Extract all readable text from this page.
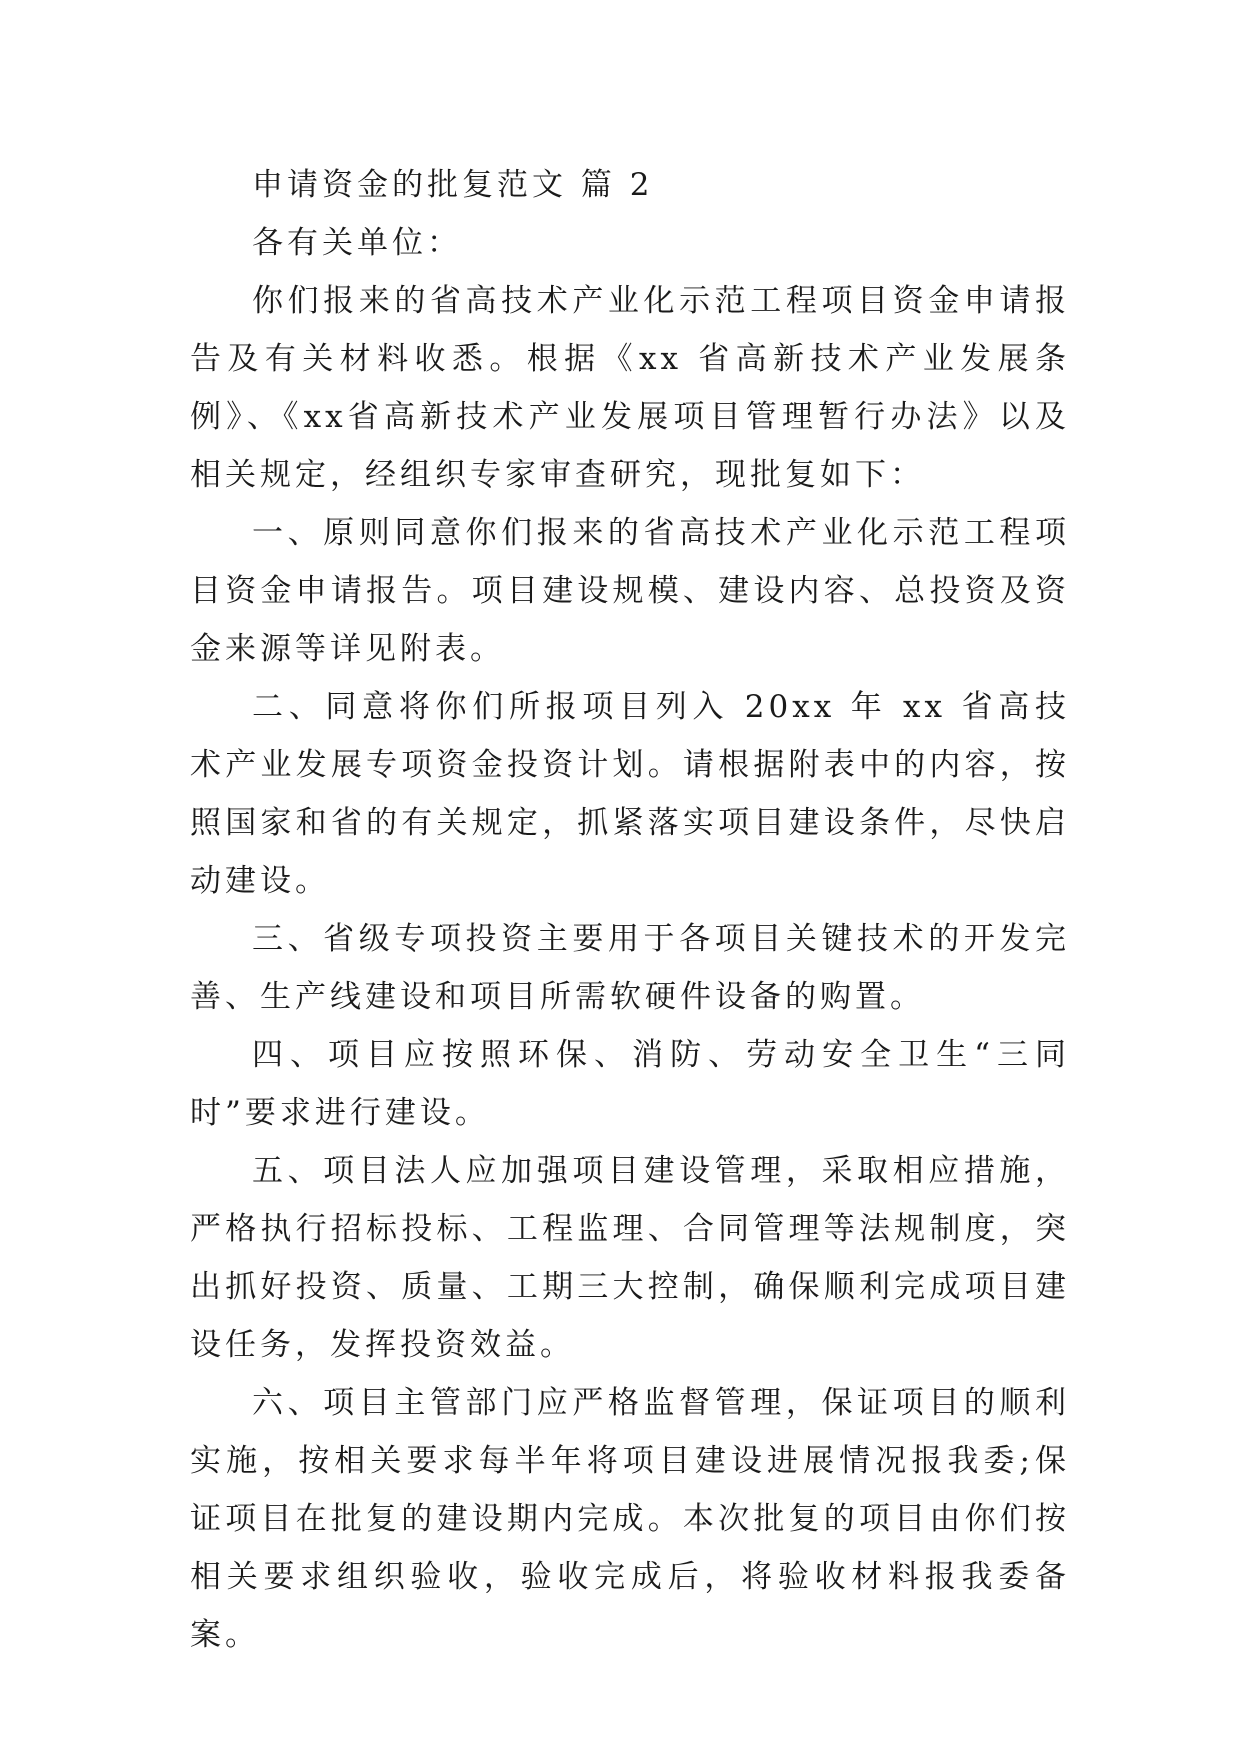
申请资金的批复范文 篇 2

各有关单位：

你们报来的省高技术产业化示范工程项目资金申请报告及有关材料收悉。根据《xx 省高新技术产业发展条例》、《xx省高新技术产业发展项目管理暂行办法》以及相关规定，经组织专家审查研究，现批复如下：

一、原则同意你们报来的省高技术产业化示范工程项目资金申请报告。项目建设规模、建设内容、总投资及资金来源等详见附表。

二、同意将你们所报项目列入 20xx 年 xx 省高技术产业发展专项资金投资计划。请根据附表中的内容，按照国家和省的有关规定，抓紧落实项目建设条件，尽快启动建设。

三、省级专项投资主要用于各项目关键技术的开发完善、生产线建设和项目所需软硬件设备的购置。

四、项目应按照环保、消防、劳动安全卫生“三同时”要求进行建设。

五、项目法人应加强项目建设管理，采取相应措施，严格执行招标投标、工程监理、合同管理等法规制度，突出抓好投资、质量、工期三大控制，确保顺利完成项目建设任务，发挥投资效益。

六、项目主管部门应严格监督管理，保证项目的顺利实施，按相关要求每半年将项目建设进展情况报我委;保证项目在批复的建设期内完成。本次批复的项目由你们按相关要求组织验收，验收完成后，将验收材料报我委备案。
